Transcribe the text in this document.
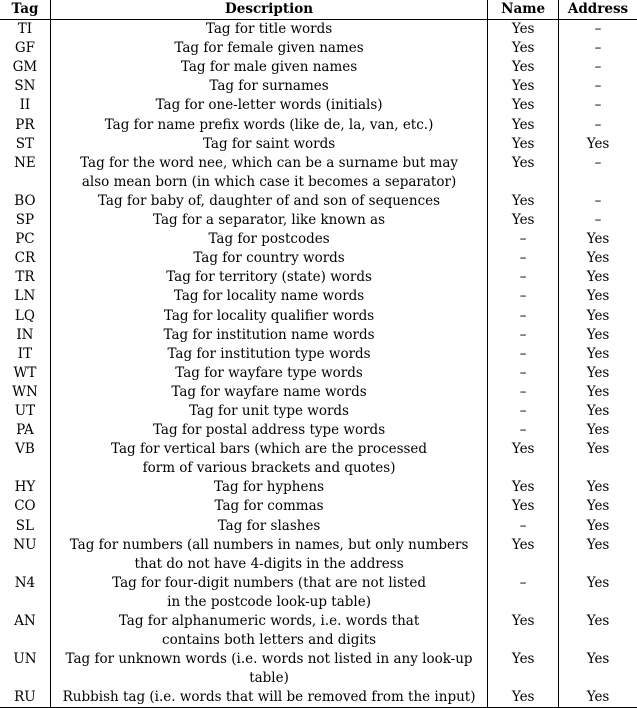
Tag	Description	Name	Address
TI	Tag for title words	Yes	–
GF	Tag for female given names	Yes	–
GM	Tag for male given names	Yes	–
SN	Tag for surnames	Yes	–
II	Tag for one-letter words (initials)	Yes	–
PR	Tag for name prefix words (like de, la, van, etc.)	Yes	–
ST	Tag for saint words	Yes	Yes
NE	Tag for the word nee, which can be a surname but may
also mean born (in which case it becomes a separator)	Yes	–
BO	Tag for baby of, daughter of and son of sequences	Yes	–
SP	Tag for a separator, like known as	Yes	–
PC	Tag for postcodes	–	Yes
CR	Tag for country words	–	Yes
TR	Tag for territory (state) words	–	Yes
LN	Tag for locality name words	–	Yes
LQ	Tag for locality qualifier words	–	Yes
IN	Tag for institution name words	–	Yes
IT	Tag for institution type words	–	Yes
WT	Tag for wayfare type words	–	Yes
WN	Tag for wayfare name words	–	Yes
UT	Tag for unit type words	–	Yes
PA	Tag for postal address type words	–	Yes
VB	Tag for vertical bars (which are the processed
form of various brackets and quotes)	Yes	Yes
HY	Tag for hyphens	Yes	Yes
CO	Tag for commas	Yes	Yes
SL	Tag for slashes	–	Yes
NU	Tag for numbers (all numbers in names, but only numbers
that do not have 4-digits in the address	Yes	Yes
N4	Tag for four-digit numbers (that are not listed
in the postcode look-up table)	–	Yes
AN	Tag for alphanumeric words, i.e. words that
contains both letters and digits	Yes	Yes
UN	Tag for unknown words (i.e. words not listed in any look-up table)	Yes	Yes
RU	Rubbish tag (i.e. words that will be removed from the input)	Yes	Yes
